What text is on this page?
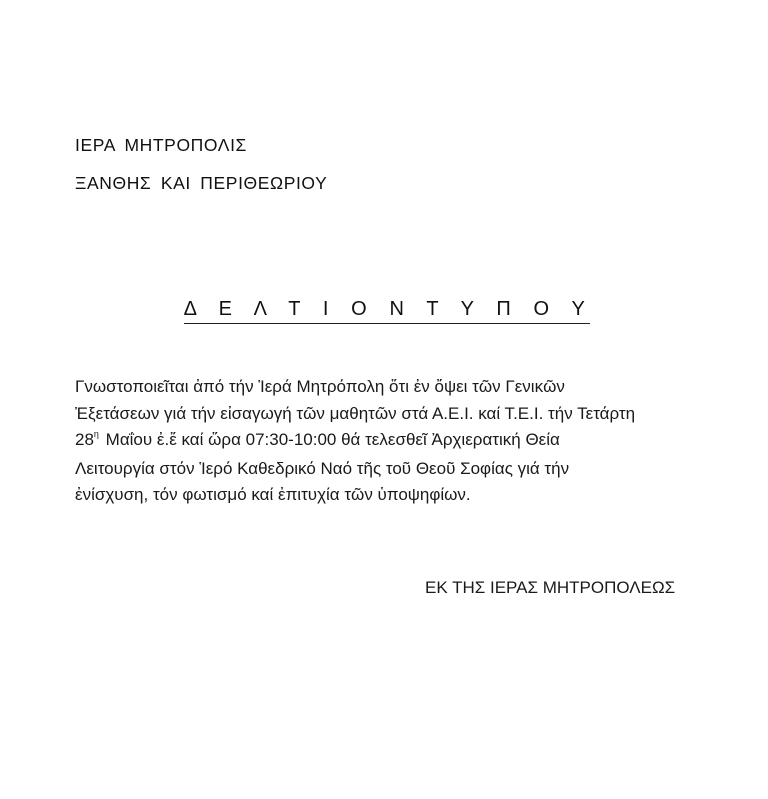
ΙΕΡΑ ΜΗΤΡΟΠΟΛΙΣ
ΞΑΝΘΗΣ ΚΑΙ ΠΕΡΙΘΕΩΡΙΟΥ
Δ Ε Λ Τ Ι Ο Ν Τ Υ Π Ο Υ
Γνωστοποιεῖται ἀπό τήν Ἱερά Μητρόπολη ὅτι ἐν ὄψει τῶν Γενικῶν
Ἐξετάσεων γιά τήν εἰσαγωγή τῶν μαθητῶν στά Α.Ε.Ι. καί Τ.Ε.Ι. τήν Τετάρτη
$28^\eta$ Μαΐου ἐ.ἔ καί ὥρα 07:30-10:00 θά τελεσθεῖ Ἀρχιερατική Θεία
Λειτουργία στόν Ἱερό Καθεδρικό Ναό τῆς τοῦ Θεοῦ Σοφίας γιά τήν
ἐνίσχυση, τόν φωτισμό καί ἐπιτυχία τῶν ὑποψηφίων.
ΕΚ ΤΗΣ ΙΕΡΑΣ ΜΗΤΡΟΠΟΛΕΩΣ
